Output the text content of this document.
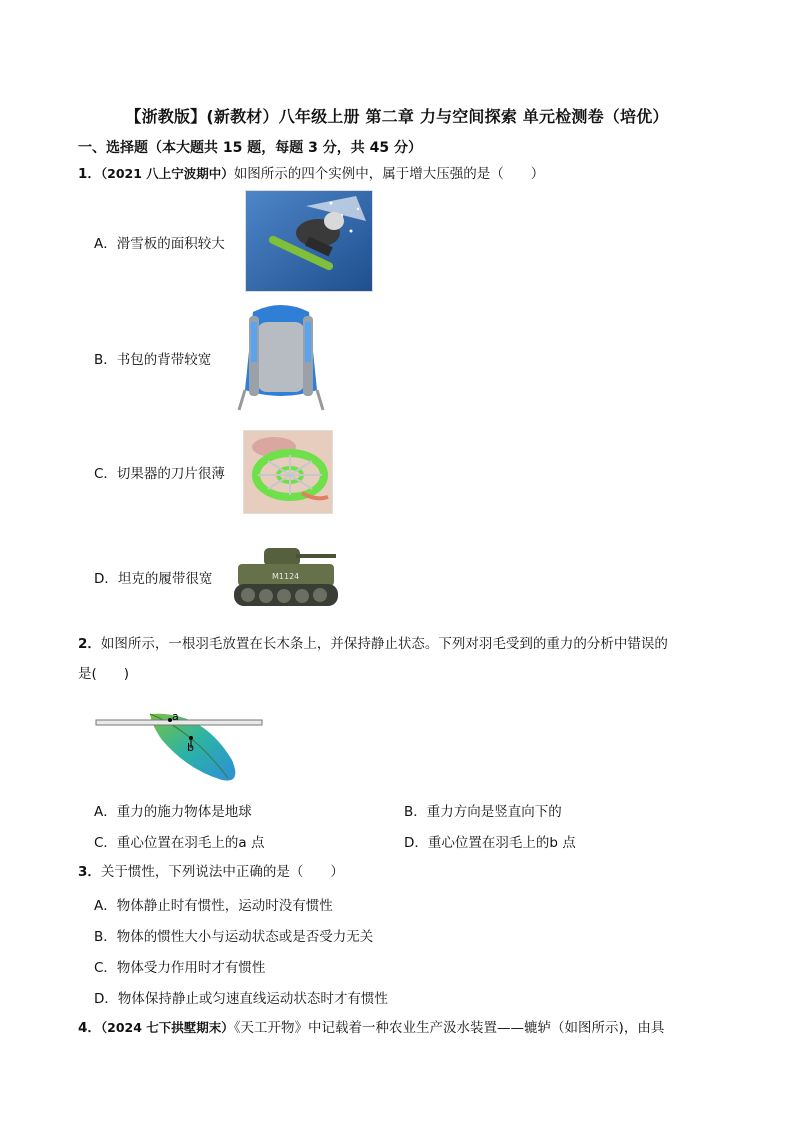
【浙教版】(新教材）八年级上册 第二章 力与空间探索 单元检测卷（培优）
一、选择题（本大题共 15 题，每题 3 分，共 45 分）
1．（2021 八上宁波期中）如图所示的四个实例中，属于增大压强的是（　　）
A．滑雪板的面积较大
B．书包的背带较宽
C．切果器的刀片很薄
D．坦克的履带很宽	M1124
2．如图所示，一根羽毛放置在长木条上，并保持静止状态。下列对羽毛受到的重力的分析中错误的
是(　　)
a
b
A．重力的施力物体是地球	B．重力方向是竖直向下的
C．重心位置在羽毛上的a 点	D．重心位置在羽毛上的b 点
3．关于惯性，下列说法中正确的是（　　）
A．物体静止时有惯性，运动时没有惯性
B．物体的惯性大小与运动状态或是否受力无关
C．物体受力作用时才有惯性
D．物体保持静止或匀速直线运动状态时才有惯性
4．（2024 七下拱墅期末）《天工开物》中记载着一种农业生产汲水装置——辘轳（如图所示)，由具
